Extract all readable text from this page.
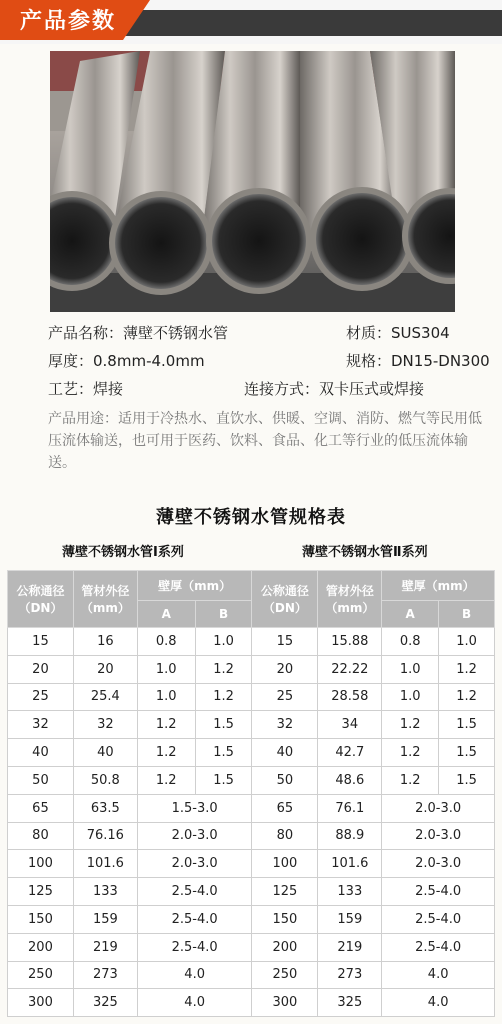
产品参数
产品名称：薄壁不锈钢水管	材质：SUS304
厚度：0.8mm-4.0mm	规格：DN15-DN300
工艺：焊接	连接方式：双卡压式或焊接
产品用途：适用于冷热水、直饮水、供暖、空调、消防、燃气等民用低压流体输送，也可用于医药、饮料、食品、化工等行业的低压流体输送。
薄壁不锈钢水管规格表
薄壁不锈钢水管Ⅰ系列	薄壁不锈钢水管Ⅱ系列
公称通径（DN）	管材外径（mm）	壁厚（mm）		公称通径（DN）	管材外径（mm）	壁厚（mm）	
		A	B			A	B
15	16	0.8	1.0	15	15.88	0.8	1.0
20	20	1.0	1.2	20	22.22	1.0	1.2
25	25.4	1.0	1.2	25	28.58	1.0	1.2
32	32	1.2	1.5	32	34	1.2	1.5
40	40	1.2	1.5	40	42.7	1.2	1.5
50	50.8	1.2	1.5	50	48.6	1.2	1.5
65	63.5	1.5-3.0		65	76.1	2.0-3.0	
80	76.16	2.0-3.0		80	88.9	2.0-3.0	
100	101.6	2.0-3.0		100	101.6	2.0-3.0	
125	133	2.5-4.0		125	133	2.5-4.0	
150	159	2.5-4.0		150	159	2.5-4.0	
200	219	2.5-4.0		200	219	2.5-4.0	
250	273	4.0		250	273	4.0	
300	325	4.0		300	325	4.0	
